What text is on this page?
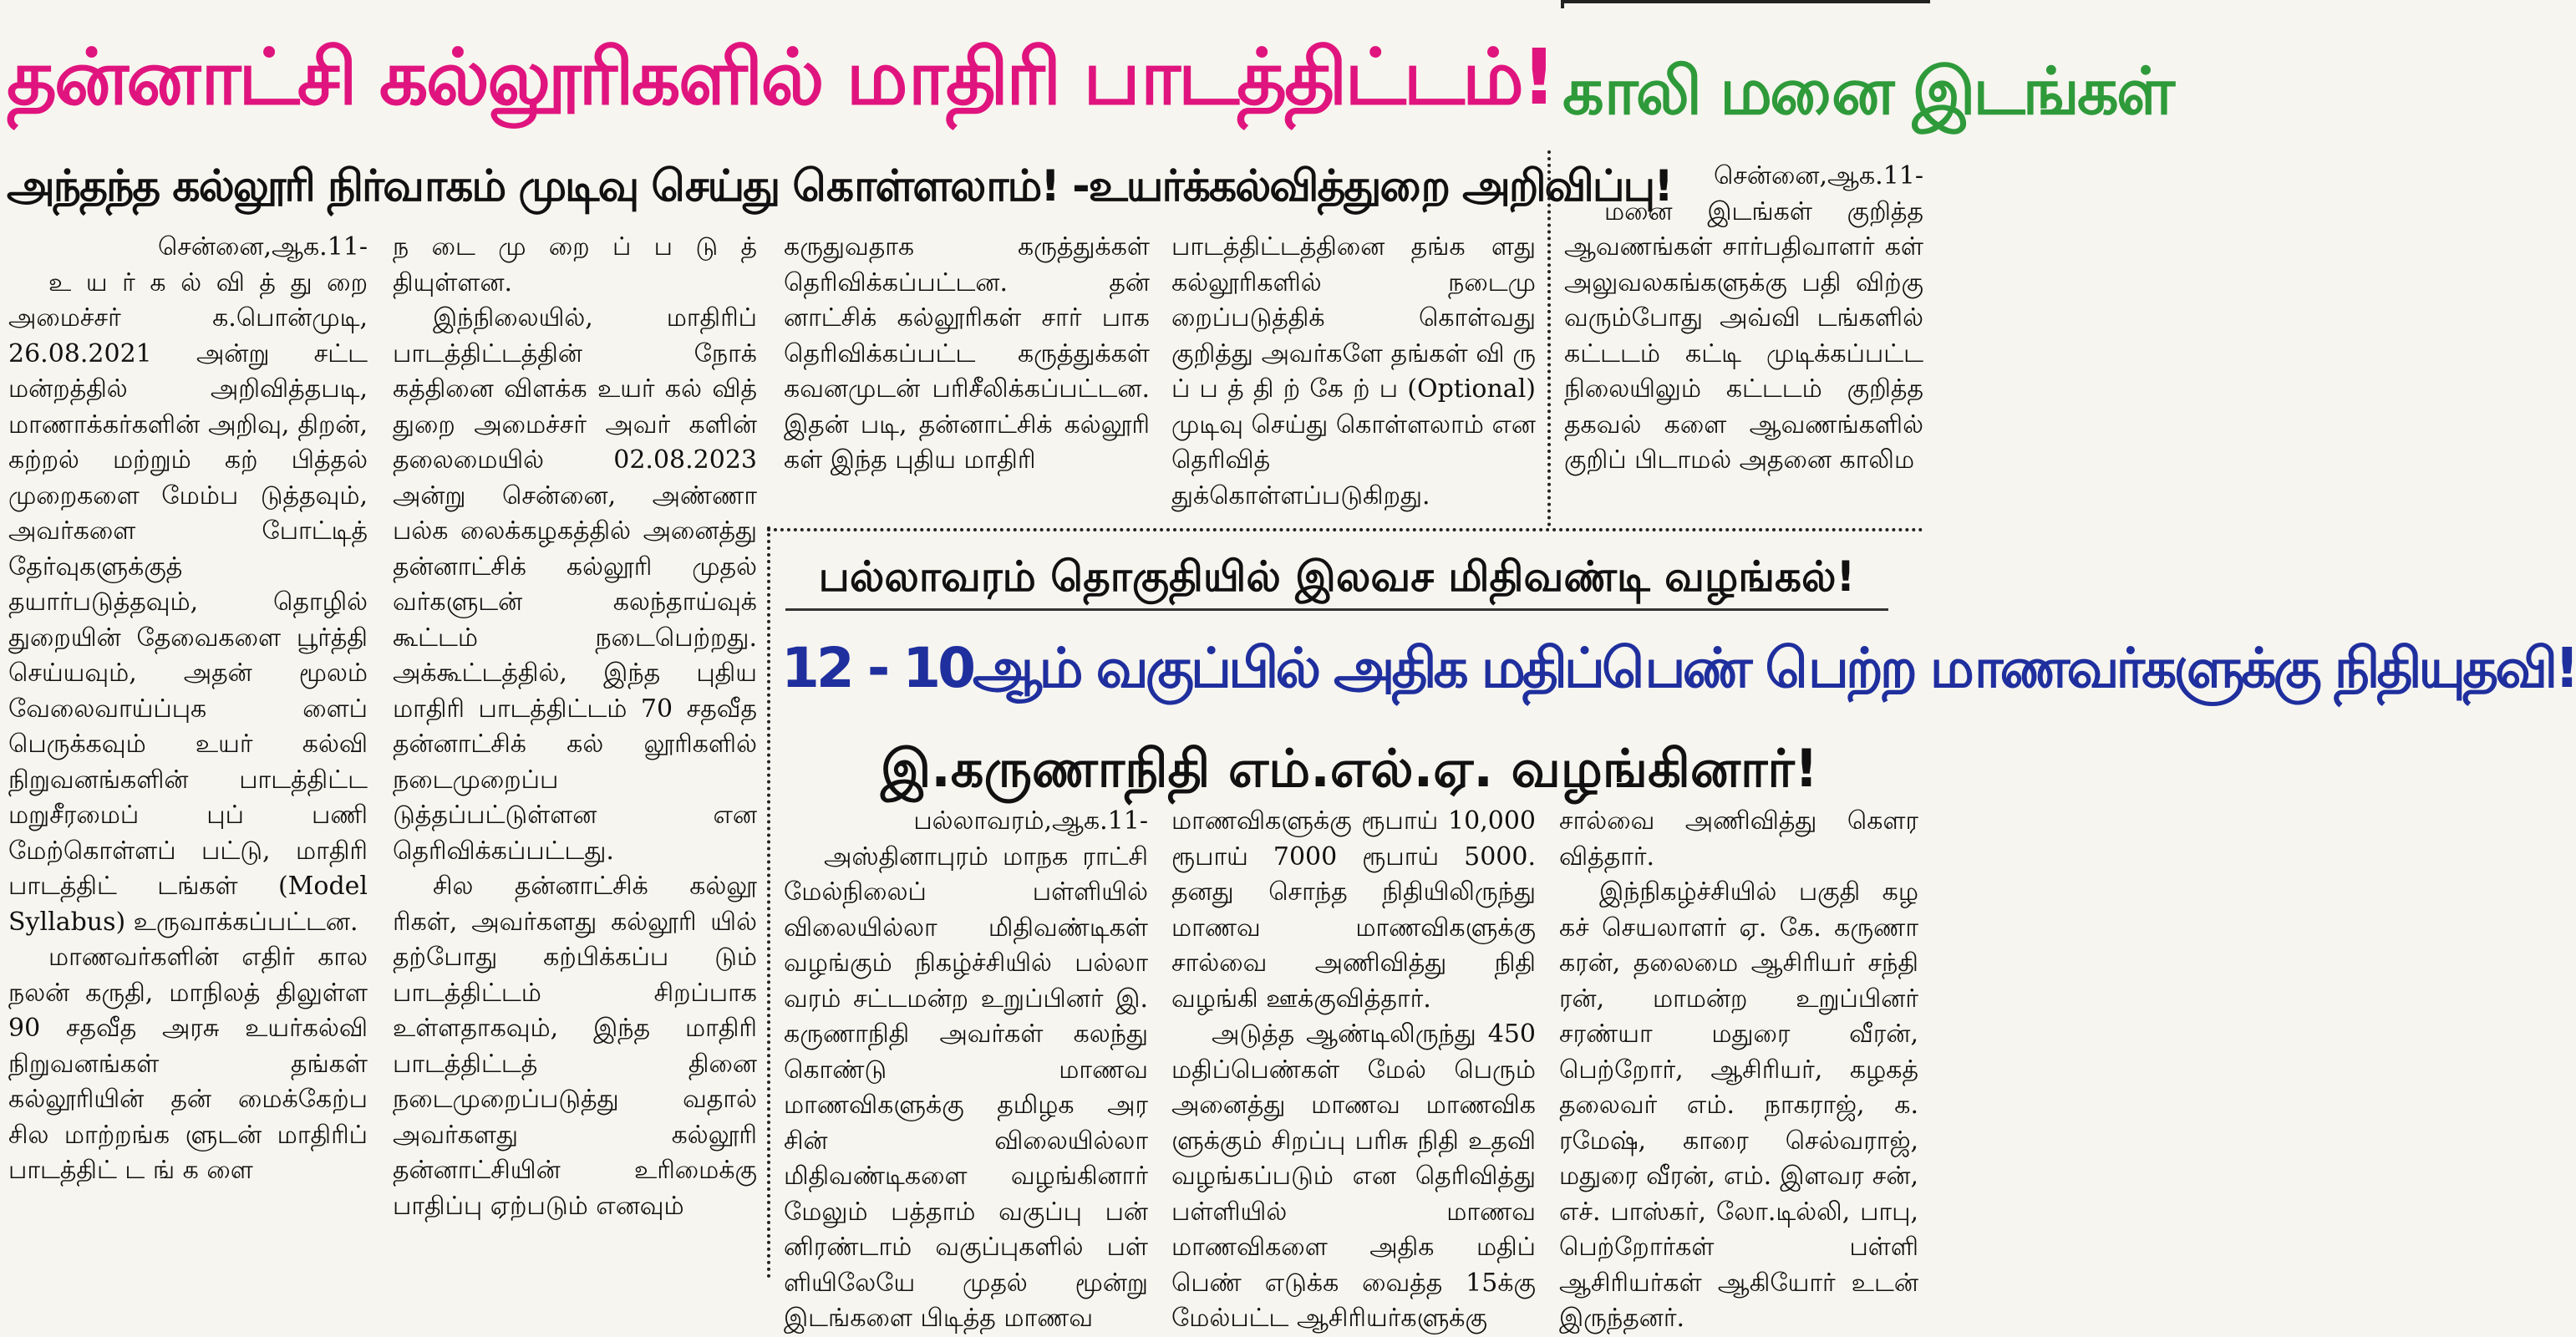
தன்னாட்சி கல்லூரிகளில் மாதிரி பாடத்திட்டம்!
அந்தந்த கல்லூரி நிர்வாகம் முடிவு செய்து கொள்ளலாம்! -உயர்க்கல்வித்துறை அறிவிப்பு!
காலி மனை இடங்கள்

சென்னை,ஆக.11-

மனை இடங்கள் குறித்த ஆவணங்கள் சார்பதிவாளர் கள் அலுவலகங்களுக்கு பதி விற்கு வரும்போது அவ்வி டங்களில் கட்டடம் கட்டி முடிக்கப்பட்ட நிலையிலும் கட்டடம் குறித்த தகவல் களை ஆவணங்களில் குறிப் பிடாமல் அதனை காலிம

சென்னை,ஆக.11-

உ ய ர் க ல் வி த் து றை அமைச்சர் க.பொன்முடி, 26.08.2021 அன்று சட்ட மன்றத்தில் அறிவித்தபடி, மாணாக்கர்களின் அறிவு, திறன், கற்றல் மற்றும் கற் பித்தல் முறைகளை மேம்ப டுத்தவும், அவர்களை போட்டித் தேர்வுகளுக்குத் தயார்படுத்தவும், தொழில் துறையின் தேவைகளை பூர்த்தி செய்யவும், அதன் மூலம் வேலைவாய்ப்புக ளைப் பெருக்கவும் உயர் கல்வி நிறுவனங்களின் பாடத்திட்ட மறுசீரமைப் புப் பணி மேற்கொள்ளப் பட்டு, மாதிரி பாடத்திட் டங்கள் (Model Syllabus) உருவாக்கப்பட்டன.

மாணவர்களின் எதிர் கால நலன் கருதி, மாநிலத் திலுள்ள 90 சதவீத அரசு உயர்கல்வி நிறுவனங்கள் தங்கள் கல்லூரியின் தன் மைக்கேற்ப சில மாற்றங்க ளுடன் மாதிரிப் பாடத்திட் ட ங் க ளை

ந டை மு றை ப் ப டு த் தியுள்ளன.

இந்நிலையில், மாதிரிப் பாடத்திட்டத்தின் நோக் கத்தினை விளக்க உயர் கல் வித் துறை அமைச்சர் அவர் களின் தலைமையில் 02.08.2023 அன்று சென்னை, அண்ணா பல்க லைக்கழகத்தில் அனைத்து தன்னாட்சிக் கல்லூரி முதல் வர்களுடன் கலந்தாய்வுக் கூட்டம் நடைபெற்றது. அக்கூட்டத்தில், இந்த புதிய மாதிரி பாடத்திட்டம் 70 சதவீத தன்னாட்சிக் கல் லூரிகளில் நடைமுறைப்ப டுத்தப்பட்டுள்ளன என தெரிவிக்கப்பட்டது.

சில தன்னாட்சிக் கல்லூ ரிகள், அவர்களது கல்லூரி யில் தற்போது கற்பிக்கப்ப டும் பாடத்திட்டம் சிறப்பாக உள்ளதாகவும், இந்த மாதிரி பாடத்திட்டத் தினை நடைமுறைப்படுத்து வதால் அவர்களது கல்லூரி தன்னாட்சியின் உரிமைக்கு பாதிப்பு ஏற்படும் எனவும்

கருதுவதாக கருத்துக்கள் தெரிவிக்கப்பட்டன. தன் னாட்சிக் கல்லூரிகள் சார் பாக தெரிவிக்கப்பட்ட கருத்துக்கள் கவனமுடன் பரிசீலிக்கப்பட்டன. இதன் படி, தன்னாட்சிக் கல்லூரி கள் இந்த புதிய மாதிரி

பாடத்திட்டத்தினை தங்க ளது கல்லூரிகளில் நடைமு றைப்படுத்திக் கொள்வது குறித்து அவர்களே தங்கள் வி ரு ப் ப த் தி ற் கே ற் ப (Optional) முடிவு செய்து கொள்ளலாம் என தெரிவித் துக்கொள்ளப்படுகிறது.

பல்லாவரம் தொகுதியில் இலவச மிதிவண்டி வழங்கல்!
12 - 10ஆம் வகுப்பில் அதிக மதிப்பெண் பெற்ற மாணவர்களுக்கு நிதியுதவி!
இ.கருணாநிதி எம்.எல்.ஏ. வழங்கினார்!

பல்லாவரம்,ஆக.11-

அஸ்தினாபுரம் மாநக ராட்சி மேல்நிலைப் பள்ளியில் விலையில்லா மிதிவண்டிகள் வழங்கும் நிகழ்ச்சியில் பல்லா வரம் சட்டமன்ற உறுப்பினர் இ. கருணாநிதி அவர்கள் கலந்து கொண்டு மாணவ மாணவிகளுக்கு தமிழக அர சின் விலையில்லா மிதிவண்டிகளை வழங்கினார் மேலும் பத்தாம் வகுப்பு பன் னிரண்டாம் வகுப்புகளில் பள் ளியிலேயே முதல் மூன்று இடங்களை பிடித்த மாணவ

மாணவிகளுக்கு ரூபாய் 10,000 ரூபாய் 7000 ரூபாய் 5000. தனது சொந்த நிதியிலிருந்து மாணவ மாணவிகளுக்கு சால்வை அணிவித்து நிதி வழங்கி ஊக்குவித்தார்.

அடுத்த ஆண்டிலிருந்து 450 மதிப்பெண்கள் மேல் பெரும் அனைத்து மாணவ மாணவிக ளுக்கும் சிறப்பு பரிசு நிதி உதவி வழங்கப்படும் என தெரிவித்து பள்ளியில் மாணவ மாணவிகளை அதிக மதிப் பெண் எடுக்க வைத்த 15க்கு மேல்பட்ட ஆசிரியர்களுக்கு

சால்வை அணிவித்து கௌர வித்தார்.

இந்நிகழ்ச்சியில் பகுதி கழ கச் செயலாளர் ஏ. கே. கருணா கரன், தலைமை ஆசிரியர் சந்தி ரன், மாமன்ற உறுப்பினர் சரண்யா மதுரை வீரன், பெற்றோர், ஆசிரியர், கழகத் தலைவர் எம். நாகராஜ், க. ரமேஷ், காரை செல்வராஜ், மதுரை வீரன், எம். இளவர சன், எச். பாஸ்கர், லோ.டில்லி, பாபு, பெற்றோர்கள் பள்ளி ஆசிரியர்கள் ஆகியோர் உடன் இருந்தனர்.
